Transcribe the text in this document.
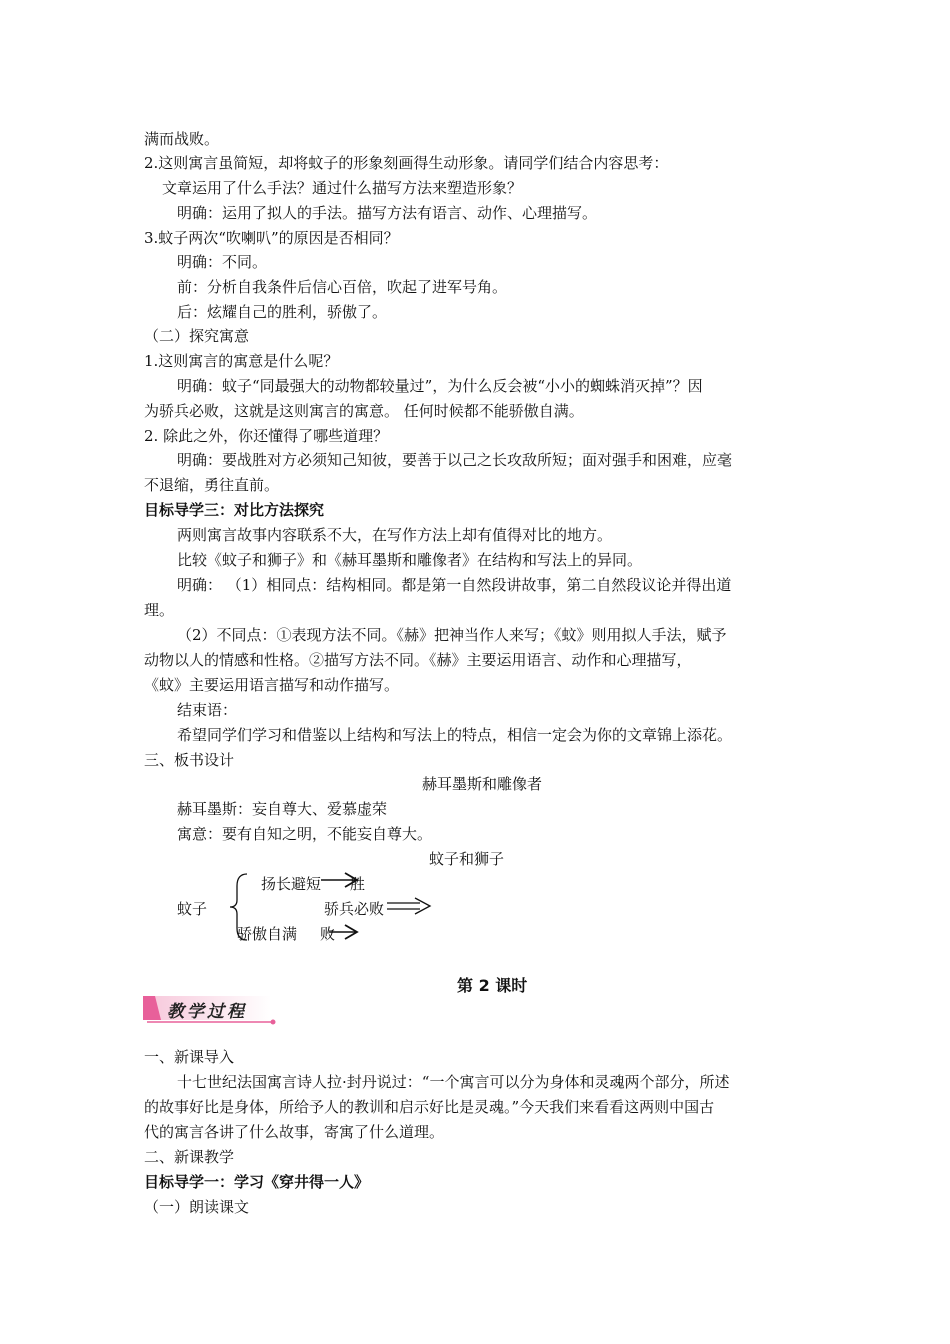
满而战败。
2.这则寓言虽简短，却将蚊子的形象刻画得生动形象。请同学们结合内容思考：
文章运用了什么手法？通过什么描写方法来塑造形象？
明确：运用了拟人的手法。描写方法有语言、动作、心理描写。
3.蚊子两次“吹喇叭”的原因是否相同？
明确：不同。
前：分析自我条件后信心百倍，吹起了进军号角。
后：炫耀自己的胜利，骄傲了。
（二）探究寓意
1.这则寓言的寓意是什么呢？
明确：蚊子“同最强大的动物都较量过”，为什么反会被“小小的蜘蛛消灭掉”？因
为骄兵必败，这就是这则寓言的寓意。 任何时候都不能骄傲自满。
2. 除此之外，你还懂得了哪些道理？
明确：要战胜对方必须知己知彼，要善于以己之长攻敌所短；面对强手和困难，应毫
不退缩，勇往直前。
目标导学三：对比方法探究
两则寓言故事内容联系不大，在写作方法上却有值得对比的地方。
比较《蚊子和狮子》和《赫耳墨斯和雕像者》在结构和写法上的异同。
明确： （1）相同点：结构相同。都是第一自然段讲故事，第二自然段议论并得出道
理。
（2）不同点：①表现方法不同。《赫》把神当作人来写；《蚊》则用拟人手法，赋予
动物以人的情感和性格。②描写方法不同。《赫》主要运用语言、动作和心理描写，
《蚊》主要运用语言描写和动作描写。
结束语：
希望同学们学习和借鉴以上结构和写法上的特点，相信一定会为你的文章锦上添花。
三、板书设计
赫耳墨斯和雕像者
赫耳墨斯：妄自尊大、爱慕虚荣
寓意：要有自知之明，不能妄自尊大。
蚊子和狮子
蚊子
扬长避短 胜
骄兵必败
骄傲自满 败
第 2 课时
教学过程
一、新课导入
十七世纪法国寓言诗人拉·封丹说过：“一个寓言可以分为身体和灵魂两个部分，所述
的故事好比是身体，所给予人的教训和启示好比是灵魂。”今天我们来看看这两则中国古
代的寓言各讲了什么故事，寄寓了什么道理。
二、新课教学
目标导学一：学习《穿井得一人》
（一）朗读课文
